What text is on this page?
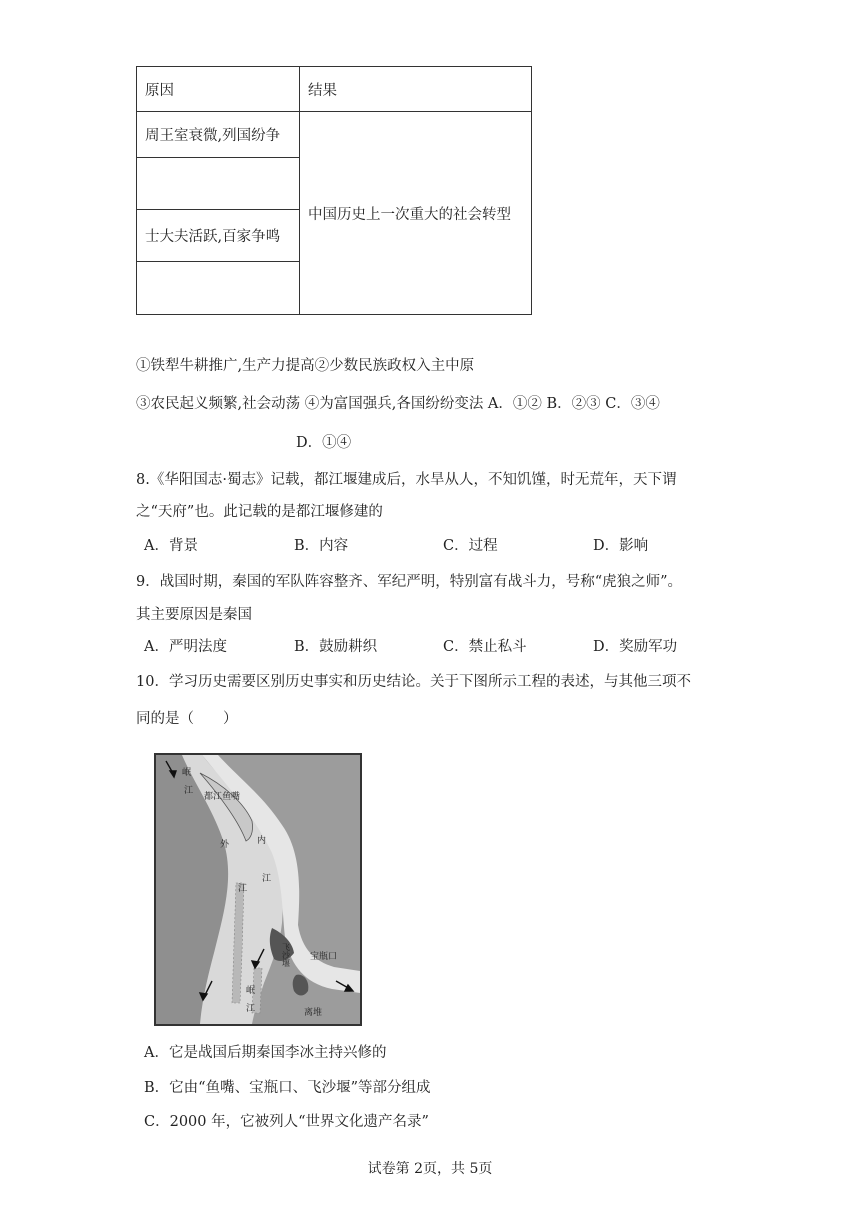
原因	结果
周王室衰微,列国纷争	中国历史上一次重大的社会转型

士大夫活跃,百家争鸣	

①铁犁牛耕推广,生产力提高②少数民族政权入主中原
③农民起义频繁,社会动荡 ④为富国强兵,各国纷纷变法 A．①② B．②③ C．③④
D．①④
8.《华阳国志·蜀志》记载，都江堰建成后，水旱从人，不知饥馑，时无荒年，天下谓
之“天府”也。此记载的是都江堰修建的
A．背景	B．内容	C．过程	D．影响
9．战国时期，秦国的军队阵容整齐、军纪严明，特别富有战斗力，号称“虎狼之师”。
其主要原因是秦国
A．严明法度	B．鼓励耕织	C．禁止私斗	D．奖励军功
10．学习历史需要区别历史事实和历史结论。关于下图所示工程的表述，与其他三项不
同的是（　　）
岷
江
都江鱼嘴
内
江
外
江
飞沙堰 宝瓶口
离堆
岷
江
A．它是战国后期秦国李冰主持兴修的
B．它由“鱼嘴、宝瓶口、飞沙堰”等部分组成
C．2000 年，它被列人“世界文化遗产名录”
试卷第 2页，共 5页
